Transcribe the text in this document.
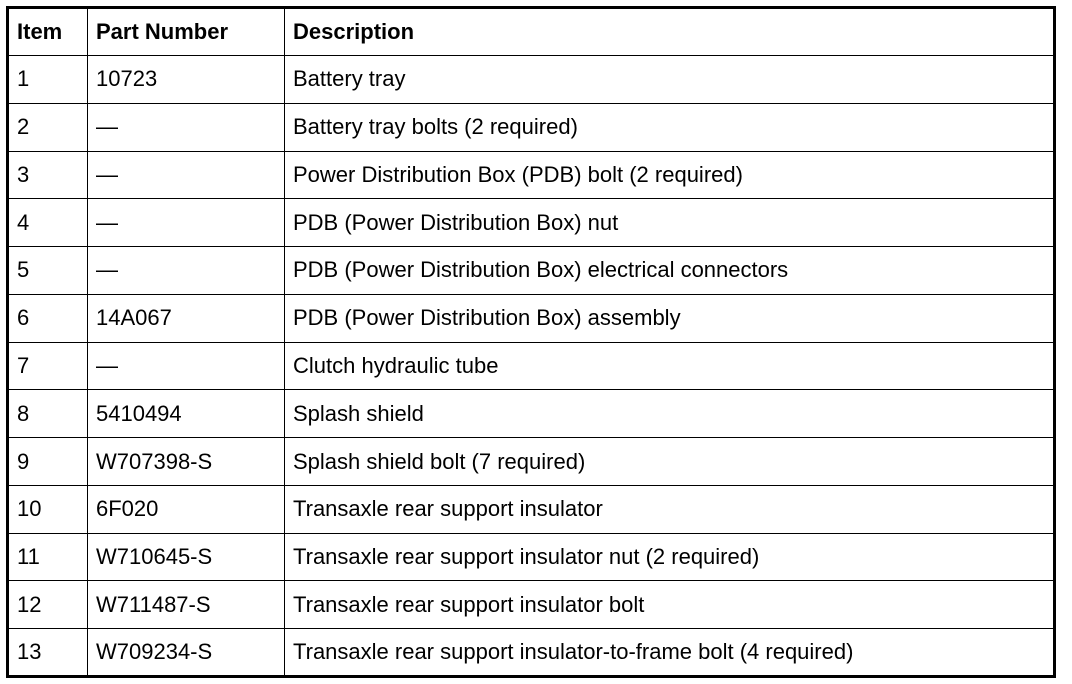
Item	Part Number	Description
1	10723	Battery tray
2	—	Battery tray bolts (2 required)
3	—	Power Distribution Box (PDB) bolt (2 required)
4	—	PDB (Power Distribution Box) nut
5	—	PDB (Power Distribution Box) electrical connectors
6	14A067	PDB (Power Distribution Box) assembly
7	—	Clutch hydraulic tube
8	5410494	Splash shield
9	W707398-S	Splash shield bolt (7 required)
10	6F020	Transaxle rear support insulator
11	W710645-S	Transaxle rear support insulator nut (2 required)
12	W711487-S	Transaxle rear support insulator bolt
13	W709234-S	Transaxle rear support insulator-to-frame bolt (4 required)
